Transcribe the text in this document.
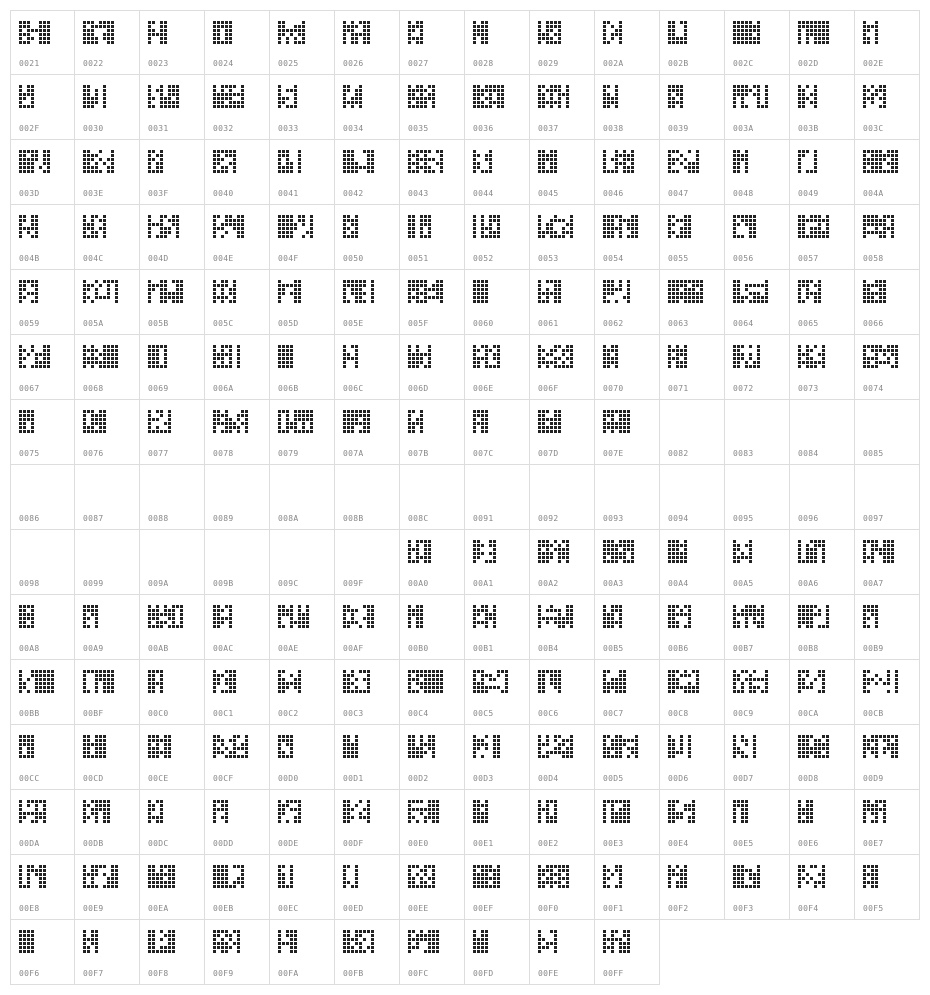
0021	0022	0023	0024	0025	0026	0027	0028	0029	002A	002B	002C	002D	002E
002F	0030	0031	0032	0033	0034	0035	0036	0037	0038	0039	003A	003B	003C
003D	003E	003F	0040	0041	0042	0043	0044	0045	0046	0047	0048	0049	004A
004B	004C	004D	004E	004F	0050	0051	0052	0053	0054	0055	0056	0057	0058
0059	005A	005B	005C	005D	005E	005F	0060	0061	0062	0063	0064	0065	0066
0067	0068	0069	006A	006B	006C	006D	006E	006F	0070	0071	0072	0073	0074
0075	0076	0077	0078	0079	007A	007B	007C	007D	007E	0082	0083	0084	0085
0086	0087	0088	0089	008A	008B	008C	0091	0092	0093	0094	0095	0096	0097
0098	0099	009A	009B	009C	009F	00A0	00A1	00A2	00A3	00A4	00A5	00A6	00A7
00A8	00A9	00AB	00AC	00AE	00AF	00B0	00B1	00B4	00B5	00B6	00B7	00B8	00B9
00BB	00BF	00C0	00C1	00C2	00C3	00C4	00C5	00C6	00C7	00C8	00C9	00CA	00CB
00CC	00CD	00CE	00CF	00D0	00D1	00D2	00D3	00D4	00D5	00D6	00D7	00D8	00D9
00DA	00DB	00DC	00DD	00DE	00DF	00E0	00E1	00E2	00E3	00E4	00E5	00E6	00E7
00E8	00E9	00EA	00EB	00EC	00ED	00EE	00EF	00F0	00F1	00F2	00F3	00F4	00F5
00F6	00F7	00F8	00F9	00FA	00FB	00FC	00FD	00FE	00FF
